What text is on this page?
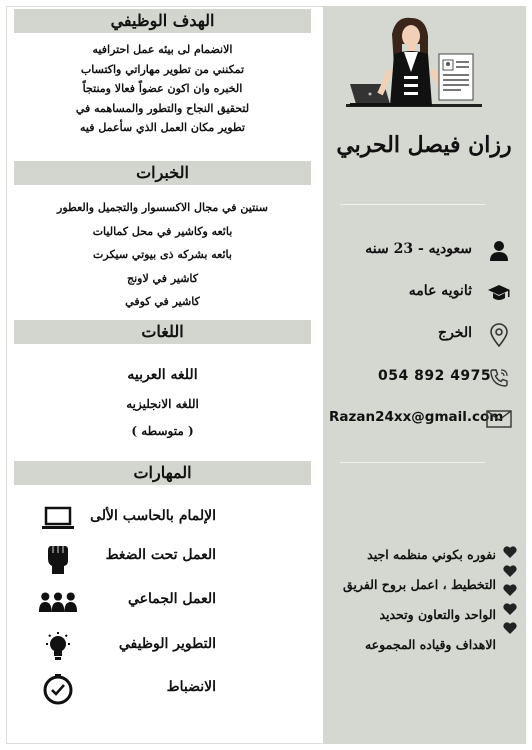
رزان فيصل الحربي
سعوديه - 23 سنه
ثانويه عامه
الخرج
054 892 4975
Razan24xx@gmail.com
نفوره بكوني منظمه اجيد
التخطيط ، اعمل بروح الفريق
الواحد والتعاون وتحديد
الاهداف وقياده المجموعه
الهدف الوظيفي
الانضمام لى بيئه عمل احترافيه
تمكنني من تطوير مهاراتي واكتساب
الخبره وان اكون عضواً فعالا ومنتجاً
لتحقيق النجاح والتطور والمساهمه في
تطوير مكان العمل الذي سأعمل فيه
الخبرات
سنتين في مجال الاكسسوار والتجميل والعطور
بائعه وكاشير في محل كماليات
بائعه بشركه ذى بيوتي سيكرت
كاشير في لاونج
كاشير في كوفي
اللغات
اللغه العربيه
اللغه الانجليزيه
( متوسطه )
المهارات
الإلمام بالحاسب الألى
العمل تحت الضغط
العمل الجماعي
التطوير الوظيفي
الانضباط
